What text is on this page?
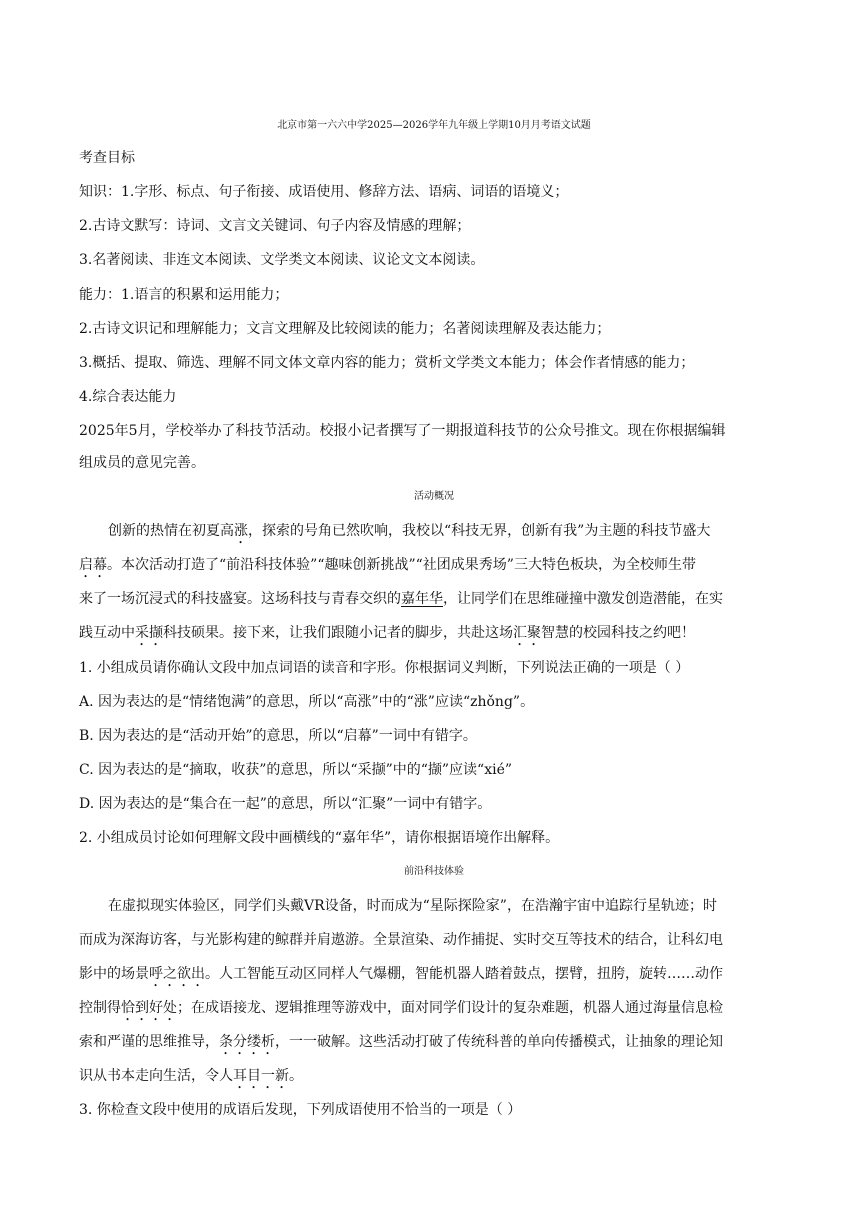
北京市第一六六中学2025—2026学年九年级上学期10月月考语文试题
考查目标
知识：1.字形、标点、句子衔接、成语使用、修辞方法、语病、词语的语境义；
2.古诗文默写：诗词、文言文关键词、句子内容及情感的理解；
3.名著阅读、非连文本阅读、文学类文本阅读、议论文文本阅读。
能力：1.语言的积累和运用能力；
2.古诗文识记和理解能力；文言文理解及比较阅读的能力；名著阅读理解及表达能力；
3.概括、提取、筛选、理解不同文体文章内容的能力；赏析文学类文本能力；体会作者情感的能力；
4.综合表达能力
2025年5月，学校举办了科技节活动。校报小记者撰写了一期报道科技节的公众号推文。现在你根据编辑
组成员的意见完善。
活动概况
创新的热情在初夏高涨，探索的号角已然吹响，我校以“科技无界，创新有我”为主题的科技节盛大
启幕。本次活动打造了“前沿科技体验”“趣味创新挑战”“社团成果秀场”三大特色板块，为全校师生带
来了一场沉浸式的科技盛宴。这场科技与青春交织的嘉年华，让同学们在思维碰撞中激发创造潜能，在实
践互动中采撷科技硕果。接下来，让我们跟随小记者的脚步，共赴这场汇聚智慧的校园科技之约吧！
1. 小组成员请你确认文段中加点词语的读音和字形。你根据词义判断，下列说法正确的一项是（ ）
A. 因为表达的是“情绪饱满”的意思，所以“高涨”中的“涨”应读“zhǒng”。
B. 因为表达的是“活动开始”的意思，所以“启幕”一词中有错字。
C. 因为表达的是“摘取，收获”的意思，所以“采撷”中的“撷”应读“xié”
D. 因为表达的是“集合在一起”的意思，所以“汇聚”一词中有错字。
2. 小组成员讨论如何理解文段中画横线的“嘉年华”，请你根据语境作出解释。
前沿科技体验
在虚拟现实体验区，同学们头戴VR设备，时而成为“星际探险家”，在浩瀚宇宙中追踪行星轨迹；时
而成为深海访客，与光影构建的鲸群并肩遨游。全景渲染、动作捕捉、实时交互等技术的结合，让科幻电
影中的场景呼之欲出。人工智能互动区同样人气爆棚，智能机器人踏着鼓点，摆臂，扭胯，旋转……动作
控制得恰到好处；在成语接龙、逻辑推理等游戏中，面对同学们设计的复杂难题，机器人通过海量信息检
索和严谨的思维推导，条分缕析，一一破解。这些活动打破了传统科普的单向传播模式，让抽象的理论知
识从书本走向生活，令人耳目一新。
3. 你检查文段中使用的成语后发现，下列成语使用不恰当的一项是（ ）
